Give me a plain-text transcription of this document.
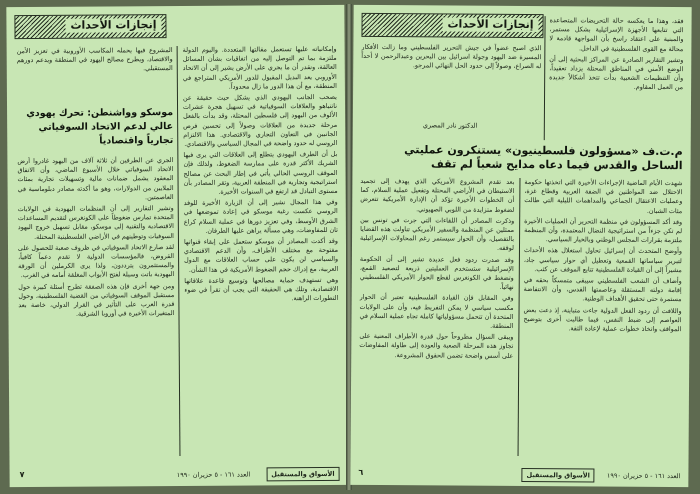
إنجازات الأحداث

وإمكانياته عليها تستعمل مقالتها المتعددة. واليوم الدولة ملتزمة بما تم التوصل إليه من اتفاقيات بشأن المسائل العالقة، ونقدر أن ما يجري على الأرض يشير إلى أن الاتحاد الأوروبي يعد البديل المقبول للدور الأمريكي المتراجع في المنطقة، مع أن هذا الدور ما زال محدوداً.

يصحب الجانب اليهودي الذي يشكل حيث حقيقة عن ناتنياهو والعلاقات السوفياتية في تسهيل هجرة عشرات الألوف من اليهود إلى فلسطين المحتلة، وقد بدأت بالفعل مرحلة جديدة من العلاقات وصولاً إلى تحسين فرص الجانبين في التعاون التجاري والاقتصادي. هذا الالتزام الروسي له حدود واضحة في المجال السياسي والاقتصادي.

بل أن الطرف اليهودي يتطلع إلى العلاقات التي يرى فيها الشريك الأكثر قدرة على ممارسة الضغوط، ولذلك فإن الموقف الروسي الحالي يأتي في إطار البحث عن مصالح استراتيجية وتجارية في المنطقة العربية، وتقر المصادر بأن مستوى التبادل قد ارتفع في السنوات الأخيرة.

وفي هذا المجال نشير إلى أن الزيارة الأخيرة للوفد الروسي عكست رغبة موسكو في إعادة تموضعها في الشرق الأوسط، وفي تعزيز دورها في عملية السلام كراع ثان للمفاوضات، وهي مسألة يراهن عليها الطرفان.

وقد أكدت المصادر أن موسكو ستعمل على إبقاء قنواتها مفتوحة مع مختلف الأطراف، وأن الدعم الاقتصادي والسياسي لن يكون على حساب العلاقات مع الدول العربية، مع إدراك حجم الضغوط الأمريكية في هذا الشأن.

وهي تستهدف حماية مصالحها وتوسيع قاعدة علاقاتها الاقتصادية، وتلك هي الحقيقة التي يجب أن تقرأ في ضوء التطورات الراهنة.

المشروع فيها يحمله المكاسب الأوروبية في تعزيز الأمن والاقتصاد، ويطرح مصالح اليهود في المنطقة ويدعم دورهم المستقبلي.

موسكو وواشنطن: تحرك يهودي عالي لدعم الاتحاد السوفياتي تجارياً واقتصادياً

الجري عن الطرفين أن ثلاثة آلاف من اليهود غادروا أرض الاتحاد السوفياتي خلال الأسبوع الماضي، وأن الاتفاق المعقود يشمل ضمانات مالية وتسهيلات تجارية بمئات الملايين من الدولارات، وهو ما أكدته مصادر دبلوماسية في العاصمتين.

وتشير التقارير إلى أن المنظمات اليهودية في الولايات المتحدة تمارس ضغوطاً على الكونغرس لتقديم المساعدات الاقتصادية والتقنية إلى موسكو، مقابل تسهيل خروج اليهود السوفيات وتوطينهم في الأراضي الفلسطينية المحتلة.

لقد صارع الاتحاد السوفياتي في ظروف صعبة للحصول على القروض، فالمؤسسات الدولية لا تقدم دعماً كافياً، والمستثمرون يترددون، ولذا يرى الكرملين أن الورقة اليهودية باتت وسيلة لفتح الأبواب المغلقة أمامه في الغرب.

ومن جهة أخرى فإن هذه الصفقة تطرح أسئلة كبيرة حول مستقبل الموقف السوفياتي من القضية الفلسطينية، وحول قدرة العرب على التأثير في القرار الدولي، خاصة بعد المتغيرات الأخيرة في أوروبا الشرقية.

٧	الأسواق والمستقبل العدد ١٦١ - ٥ حزيران ١٩٩٠
إنجازات الأحداث	فقد، وهذا ما يعكسه حالة التحريضات المتصاعدة التي تتابعها الأجهزة الإسرائيلية بشكل مستمر، والمبنية على اعتقاد راسخ بأن المواجهة قادمة لا محالة مع القوى الفلسطينية في الداخل.

وتشير التقارير الصادرة عن المراكز البحثية إلى أن الوضع الأمني في المناطق المحتلة يزداد تعقيداً، وأن التنظيمات الشعبية بدأت تتخذ أشكالاً جديدة من العمل المقاوم.

الذي اصبح عضواً في جيش التحرير الفلسطيني وما زالت الأفكار المسيرة ضد اليهود وجولة اسرائيل بين البحرين وعبدالرحمن لا أحداً له الصراع، وصولاً إلى حدود الحل النهائي المرجو.

الدكتور نادر المصري
م.ت.ف «مسؤولون فلسطينيون» يستنكرون عمليتي الساحل والقدس فيما دعاه مدايح شعباً لم تقف

شهدت الأيام الماضية الإجراءات الأخيرة التي اتخذتها حكومة الاحتلال ضد المواطنين في الضفة الغربية وقطاع غزة، وعمليات الاعتقال الجماعي والمداهمات الليلية التي طالت مئات الشبان.

وقد أكد المسؤولون في منظمة التحرير أن العمليات الأخيرة لم تكن جزءاً من استراتيجية النضال المعتمدة، وأن المنظمة ملتزمة بقرارات المجلس الوطني وبالخيار السياسي.

وأوضح المتحدث أن إسرائيل تحاول استغلال هذه الأحداث لتبرير سياساتها القمعية وتعطيل أي حوار سياسي جاد، مشيراً إلى أن القيادة الفلسطينية تتابع الموقف عن كثب.

وأضاف أن الشعب الفلسطيني سيبقى متمسكاً بحقه في إقامة دولته المستقلة وعاصمتها القدس، وأن الانتفاضة مستمرة حتى تحقيق الأهداف الوطنية.

واللافت أن ردود الفعل الدولية جاءت متباينة، إذ دعت بعض العواصم إلى ضبط النفس، فيما طالبت أخرى بتوضيح المواقف واتخاذ خطوات عملية لإعادة الثقة.

بعد تقدم المشروع الأمريكي الذي يهدف إلى تجميد الاستيطان في الأراضي المحتلة وتفعيل عملية السلام، كما أن الخطوات الأخيرة تؤكد أن الإدارة الأمريكية تتعرض لضغوط متزايدة من اللوبي الصهيوني.

وذكرت المصادر أن اللقاءات التي جرت في تونس بين ممثلين عن المنظمة والسفير الأمريكي تناولت هذه القضايا بالتفصيل، وأن الحوار سيستمر رغم المحاولات الإسرائيلية لوقفه.

وقد صدرت ردود فعل عديدة تشير إلى أن الحكومة الإسرائيلية ستستخدم العمليتين ذريعة لتصعيد القمع، وتضغط في الكونغرس لقطع الحوار الأمريكي الفلسطيني نهائياً.

وفي المقابل فإن القيادة الفلسطينية تعتبر أن الحوار مكسب سياسي لا يمكن التفريط فيه، وأن على الولايات المتحدة أن تتحمل مسؤولياتها كاملة تجاه عملية السلام في المنطقة.

ويبقى السؤال مطروحاً حول قدرة الأطراف المعنية على تجاوز هذه المرحلة الصعبة والعودة إلى طاولة المفاوضات على أسس واضحة تضمن الحقوق المشروعة.

٦	العدد ١٦١ - ٥ حزيران ١٩٩٠ الأسواق والمستقبل
